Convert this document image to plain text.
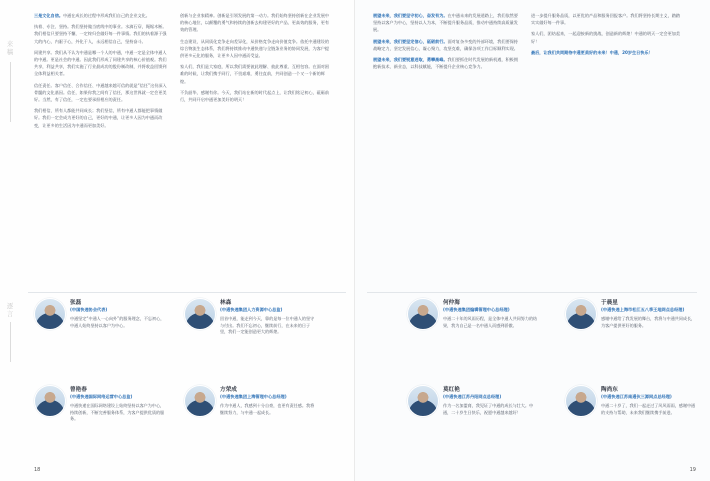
来稿
逐言

三是文化自信。中通在成长的过程中形成我们自己的企业文化。

执着、专注、坚持。我们坚持做当底线中的事业。水滴石穿，绳锯木断。我们相信只要坚持不懈，一定终归会做好每一件事情。我们的执着源于强大的内心，内驱于心，外化于人，永远相信自己，坚持奋斗。

同建共享。我们从不认为中通是哪一个人的中通，中通一定是全体中通人的中通。更是社会的中通。因此我们形成了同建共享的核心价值观。我们共享，利益共享，我们实施了行业最成功的股份制改制，并将收益回馈到全体利益相关者。

信任责任。客户信任、合作信任、中通越来越可信的就是“信任”这份深入骨髓的文化基因。信任，如果你我之间有了信任，那这世界就一定会更美好。当然，有了信任，一定也要承担相应的责任。

我们相信，所有人都能共同成长；我们坚信，所有中通人都能把事情做好。我们一定会成为更好的自己，更好的中通，让更多人因为中通而改变，让更多的生活因为中通而更加美好。

创新与企业家精神。创新是引领发展的第一动力。我们始终坚持创新在企业发展中的核心地位，以颠覆的勇气和持续的创新去构建更好的产品、更高效的服务，更有效的管理。

生态建设，从同质化竞争走向差异化，从价格竞争走向价值竞争。依托中通建设的综合物流生态体系，我们将持续推动中通快递与全链条业务的协同发展，为客户提供更多元化的服务，让更多人因中通而受益。

家人们，我们是大家庭，所以我们需要彼此理解、彼此尊重、互相包容。在面对困难的时候，让我们携手同行，不畏艰难，勇往直前，共同创造一个又一个新的辉煌。

不负韶华，感谢有你。今天，我们站在新的时代起点上，让我们铭记初心，砥砺前行，共同开启中通更加美好的明天！

张磊
(中国快递协会代表)
中通坚定“中通人一心向外”的服务理念，不忘初心，中通人始终坚持以客户为中心。
林森
(中通快递集团人力资源中心总监)
回首中通，能走到今天，靠的是每一位中通人的坚守与付出。我们不忘初心，继续前行，在未来的日子里，我们一定能创造更大的辉煌。
曾艳春
(中通快递国际网络运营中心总监)
中通快递在国际网络建设上始终坚持以客户为中心，持续创新，不断完善服务体系，为客户提供优质的服务。
方荣成
(中通快递集团上海管理中心总经理)
作为中通人，我感到十分自豪，也更有责任感。我将继续努力，与中通一起成长。
18

展望未来，我们要坚守初心，奋发有为。在中通未来的发展道路上，我们依然要坚持以客户为中心，坚持以人为本，不断提升服务品质，推动中通持续高质量发展。

展望未来，我们要坚定信心，砥砺前行。面对复杂多变的外部环境，我们要保持战略定力，坚定发展信心，凝心聚力，攻坚克难，确保各项工作目标顺利实现。

展望未来，我们要锐意进取，勇攀高峰。我们要抓住时代发展的新机遇，积极拥抱新技术、新业态，以科技赋能，不断提升企业核心竞争力。

进一步提升服务品质，以更优的产品和服务回报客户。我们将坚持长期主义，踏踏实实做好每一件事。

家人们，团结起来，一起迎接新的挑战，创造新的辉煌！中通的明天一定会更加美好！

最后，让我们共同期待中通更美好的未来！中通，20岁生日快乐！

何仲海
(中通快递集团编辑管理中心总经理)
中通二十年的风雨历程，是全体中通人共同努力的结果，我为自己是一名中通人而感到骄傲。
于晨星
(中通快递上海市松江五八季王地网点总经理)
感谢中通给了我发展的舞台，我将与中通共同成长，为客户提供更好的服务。
莫红艳
(中通快递江苏丹阳网点总经理)
作为一名加盟商，我见证了中通的成长与壮大。中通，二十岁生日快乐，祝愿中通越来越好！
陶尚东
(中通快递江苏南通伙三源网点总经理)
中通二十岁了，我们一起走过了风风雨雨，感谢中通的支持与帮助，未来我们继续携手前进。
19
